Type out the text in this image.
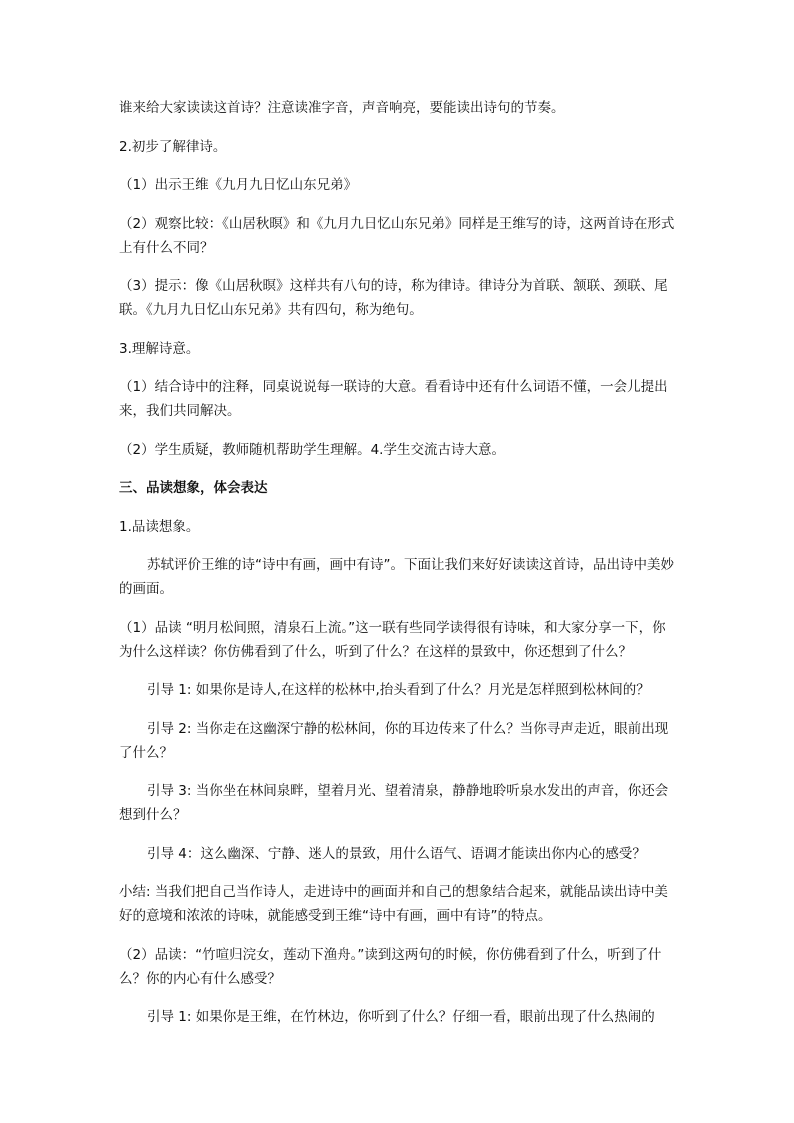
谁来给大家读读这首诗？注意读准字音，声音响亮，要能读出诗句的节奏。

2.初步了解律诗。

（1）出示王维《九月九日忆山东兄弟》

（2）观察比较：《山居秋暝》和《九月九日忆山东兄弟》同样是王维写的诗，这两首诗在形式上有什么不同？

（3）提示：像《山居秋暝》这样共有八句的诗，称为律诗。律诗分为首联、颔联、颈联、尾联。《九月九日忆山东兄弟》共有四句，称为绝句。

3.理解诗意。

（1）结合诗中的注释，同桌说说每一联诗的大意。看看诗中还有什么词语不懂，一会儿提出来，我们共同解决。

（2）学生质疑，教师随机帮助学生理解。4.学生交流古诗大意。

三、品读想象，体会表达

1.品读想象。

苏轼评价王维的诗“诗中有画，画中有诗”。下面让我们来好好读读这首诗，品出诗中美妙的画面。

（1）品读 “明月松间照，清泉石上流。”这一联有些同学读得很有诗味，和大家分享一下，你为什么这样读？你仿佛看到了什么，听到了什么？在这样的景致中，你还想到了什么？

引导 1: 如果你是诗人,在这样的松林中,抬头看到了什么？月光是怎样照到松林间的？

引导 2: 当你走在这幽深宁静的松林间，你的耳边传来了什么？当你寻声走近，眼前出现了什么？

引导 3: 当你坐在林间泉畔，望着月光、望着清泉，静静地聆听泉水发出的声音，你还会想到什么？

引导 4：这么幽深、宁静、迷人的景致，用什么语气、语调才能读出你内心的感受？

小结: 当我们把自己当作诗人，走进诗中的画面并和自己的想象结合起来，就能品读出诗中美好的意境和浓浓的诗味，就能感受到王维“诗中有画，画中有诗”的特点。

（2）品读：“竹喧归浣女，莲动下渔舟。”读到这两句的时候，你仿佛看到了什么，听到了什么？你的内心有什么感受？

引导 1: 如果你是王维，在竹林边，你听到了什么？仔细一看，眼前出现了什么热闹的
